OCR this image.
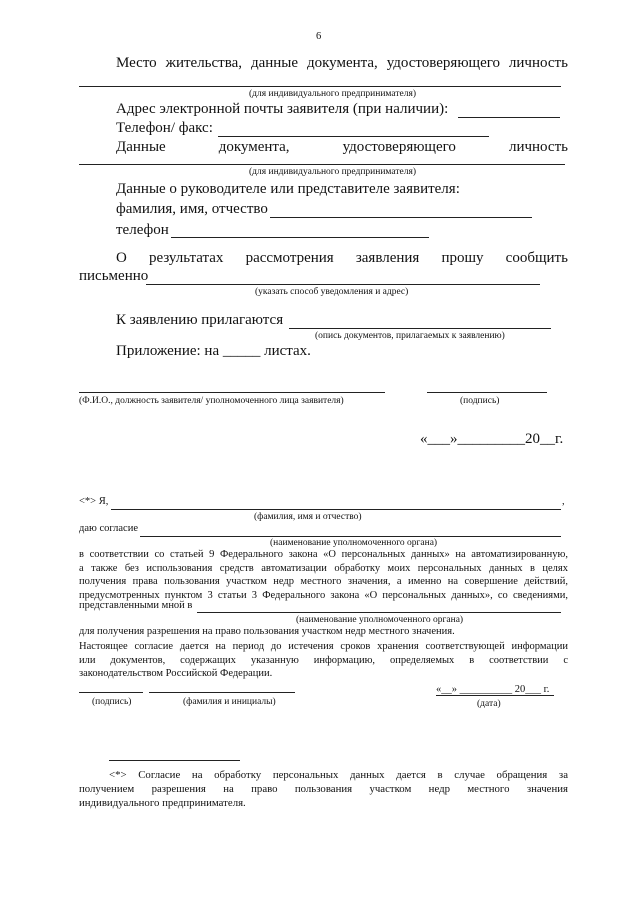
6
Место жительства, данные документа, удостоверяющего личность
(для индивидуального предпринимателя)
Адрес электронной почты заявителя (при наличии):
Телефон/ факс:
Данные	документа,	удостоверяющего	личность
(для индивидуального предпринимателя)
Данные о руководителе или представителе заявителя:
фамилия, имя, отчество
телефон
О результатах рассмотрения заявления прошу сообщить
письменно
(указать способ уведомления и адрес)
К заявлению прилагаются
(опись документов, прилагаемых к заявлению)
Приложение: на _____ листах.
(Ф.И.О., должность заявителя/ уполномоченного лица заявителя)	(подпись)
«___»_________20__г.
<*> Я,	,
(фамилия, имя и отчество)
даю согласие
(наименование уполномоченного органа)
в соответствии со статьей 9 Федерального закона «О персональных данных» на автоматизированную,
а также без использования средств автоматизации обработку моих персональных данных в целях
получения права пользования участком недр местного значения, а именно на совершение действий,
предусмотренных пунктом 3 статьи 3 Федерального закона «О персональных данных», со сведениями,
представленными мной в
(наименование уполномоченного органа)
для получения разрешения на право пользования участком недр местного значения.
Настоящее согласие дается на период до истечения сроков хранения соответствующей информации
или документов, содержащих указанную информацию, определяемых в соответствии с
законодательством Российской Федерации.
«__» __________ 20___ г.
(подпись)	(фамилия и инициалы)	(дата)
<*> Согласие на обработку персональных данных дается в случае обращения за
получением разрешения на право пользования участком недр местного значения
индивидуального предпринимателя.
